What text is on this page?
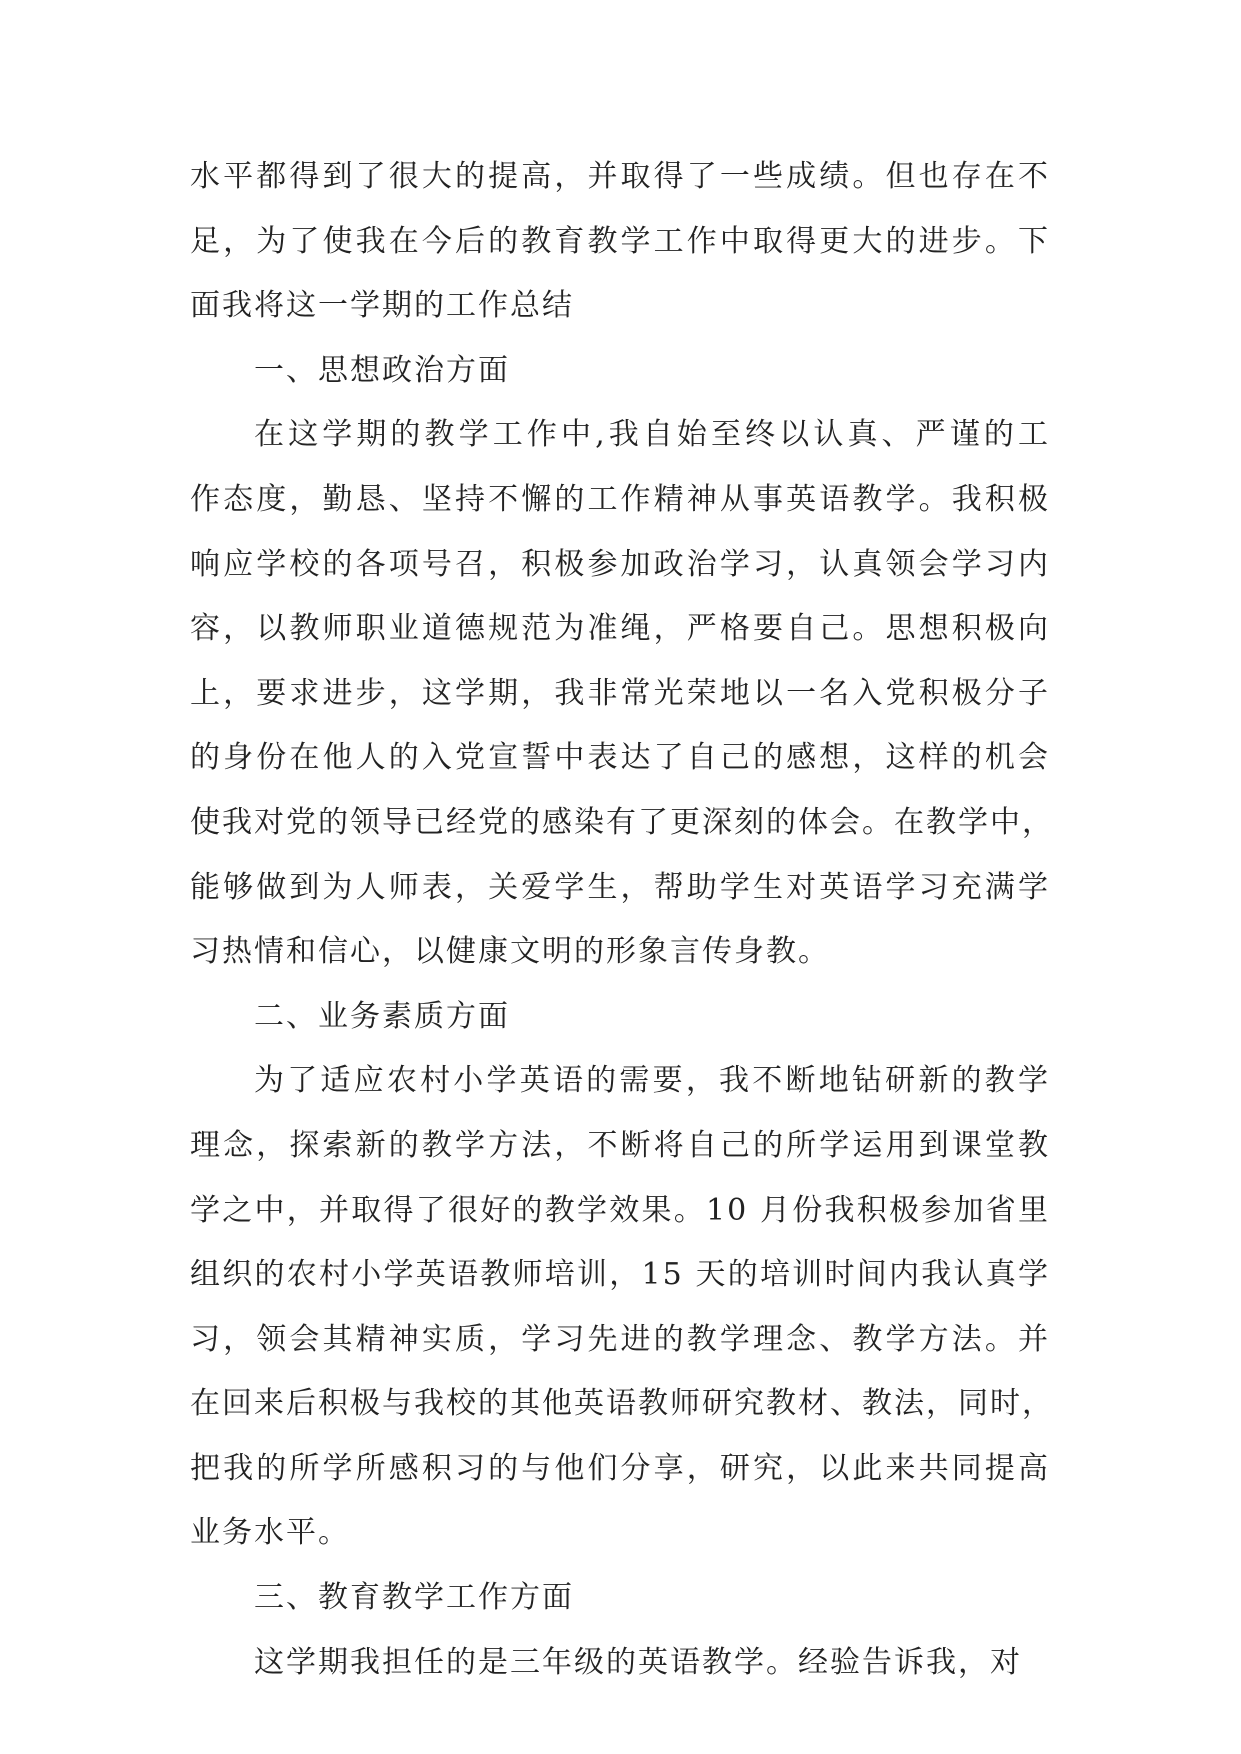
水平都得到了很大的提高，并取得了一些成绩。但也存在不
足，为了使我在今后的教育教学工作中取得更大的进步。下
面我将这一学期的工作总结

一、思想政治方面

在这学期的教学工作中,我自始至终以认真、严谨的工
作态度，勤恳、坚持不懈的工作精神从事英语教学。我积极
响应学校的各项号召，积极参加政治学习，认真领会学习内
容，以教师职业道德规范为准绳，严格要自己。思想积极向
上，要求进步，这学期，我非常光荣地以一名入党积极分子
的身份在他人的入党宣誓中表达了自己的感想，这样的机会
使我对党的领导已经党的感染有了更深刻的体会。在教学中，
能够做到为人师表，关爱学生，帮助学生对英语学习充满学
习热情和信心，以健康文明的形象言传身教。

二、业务素质方面

为了适应农村小学英语的需要，我不断地钻研新的教学
理念，探索新的教学方法，不断将自己的所学运用到课堂教
学之中，并取得了很好的教学效果。10 月份我积极参加省里
组织的农村小学英语教师培训，15 天的培训时间内我认真学
习，领会其精神实质，学习先进的教学理念、教学方法。并
在回来后积极与我校的其他英语教师研究教材、教法，同时，
把我的所学所感积习的与他们分享，研究，以此来共同提高
业务水平。

三、教育教学工作方面

这学期我担任的是三年级的英语教学。经验告诉我，对
